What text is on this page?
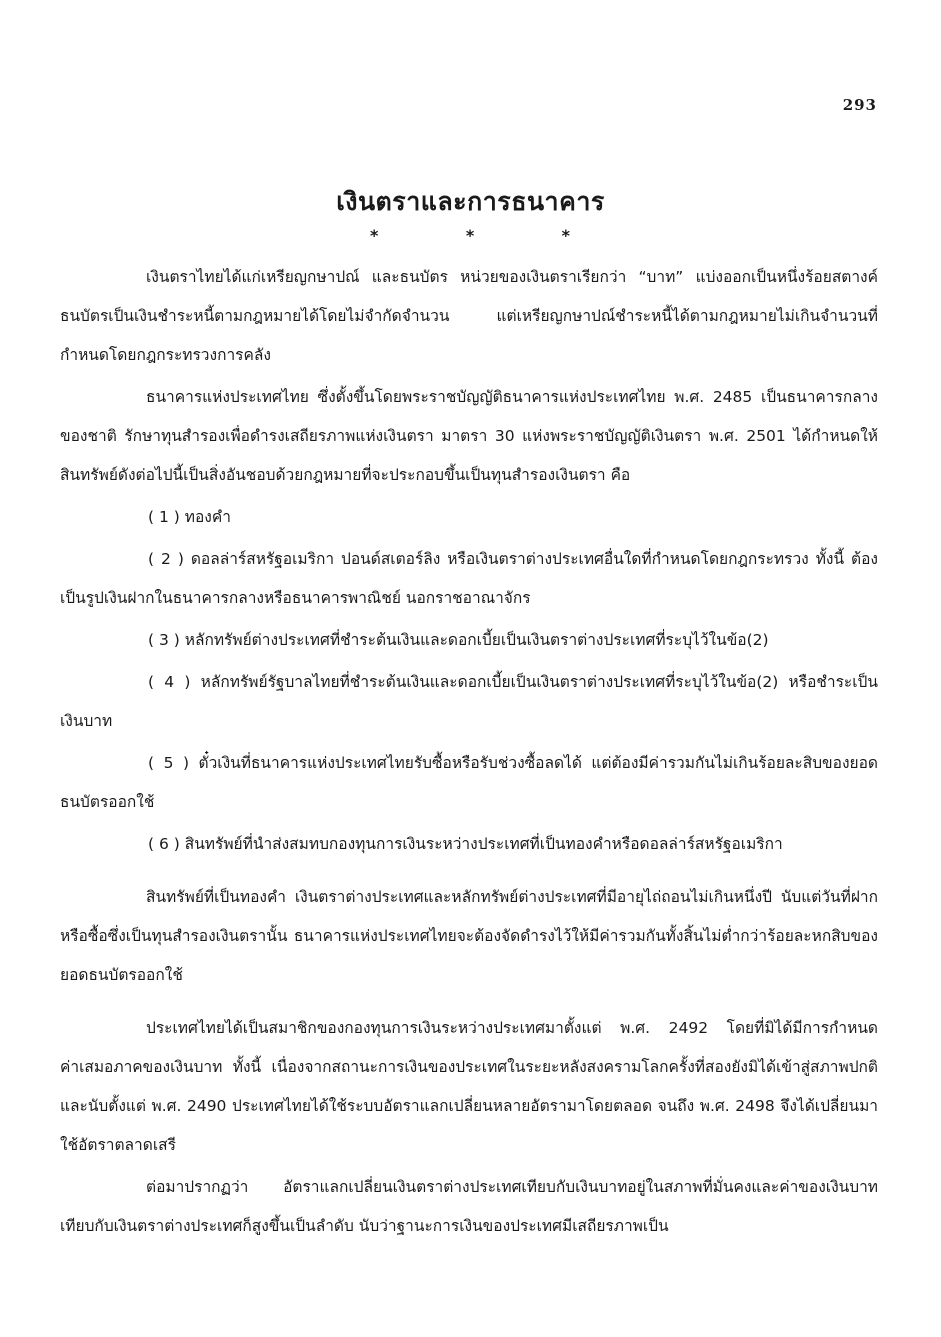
293
เงินตราและการธนาคาร
*	*	*

เงินตราไทยได้แก่เหรียญกษาปณ์ และธนบัตร หน่วยของเงินตราเรียกว่า “บาท” แบ่งออกเป็นหนึ่งร้อยสตางค์ ธนบัตรเป็นเงินชำระหนี้ตามกฎหมายได้โดยไม่จำกัดจำนวน แต่เหรียญกษาปณ์ชำระหนี้ได้ตามกฎหมายไม่เกินจำนวนที่กำหนดโดยกฎกระทรวงการคลัง

ธนาคารแห่งประเทศไทย ซึ่งตั้งขึ้นโดยพระราชบัญญัติธนาคารแห่งประเทศไทย พ.ศ. 2485 เป็นธนาคารกลางของชาติ รักษาทุนสำรองเพื่อดำรงเสถียรภาพแห่งเงินตรา มาตรา 30 แห่งพระราชบัญญัติเงินตรา พ.ศ. 2501 ได้กำหนดให้สินทรัพย์ดังต่อไปนี้เป็นสิ่งอันชอบด้วยกฎหมายที่จะประกอบขึ้นเป็นทุนสำรองเงินตรา คือ

( 1 ) ทองคำ

( 2 ) ดอลล่าร์สหรัฐอเมริกา ปอนด์สเตอร์ลิง หรือเงินตราต่างประเทศอื่นใดที่กำหนดโดยกฎกระทรวง ทั้งนี้ ต้องเป็นรูปเงินฝากในธนาคารกลางหรือธนาคารพาณิชย์ นอกราชอาณาจักร

( 3 ) หลักทรัพย์ต่างประเทศที่ชำระต้นเงินและดอกเบี้ยเป็นเงินตราต่างประเทศที่ระบุไว้ในข้อ(2)

( 4 ) หลักทรัพย์รัฐบาลไทยที่ชำระต้นเงินและดอกเบี้ยเป็นเงินตราต่างประเทศที่ระบุไว้ในข้อ(2) หรือชำระเป็นเงินบาท

( 5 ) ตั๋วเงินที่ธนาคารแห่งประเทศไทยรับซื้อหรือรับช่วงซื้อลดได้ แต่ต้องมีค่ารวมกันไม่เกินร้อยละสิบของยอดธนบัตรออกใช้

( 6 ) สินทรัพย์ที่นำส่งสมทบกองทุนการเงินระหว่างประเทศที่เป็นทองคำหรือดอลล่าร์สหรัฐอเมริกา

สินทรัพย์ที่เป็นทองคำ เงินตราต่างประเทศและหลักทรัพย์ต่างประเทศที่มีอายุไถ่ถอนไม่เกินหนึ่งปี นับแต่วันที่ฝากหรือซื้อซึ่งเป็นทุนสำรองเงินตรานั้น ธนาคารแห่งประเทศไทยจะต้องจัดดำรงไว้ให้มีค่ารวมกันทั้งสิ้นไม่ต่ำกว่าร้อยละหกสิบของยอดธนบัตรออกใช้

ประเทศไทยได้เป็นสมาชิกของกองทุนการเงินระหว่างประเทศมาตั้งแต่ พ.ศ. 2492 โดยที่มิได้มีการกำหนดค่าเสมอภาคของเงินบาท ทั้งนี้ เนื่องจากสถานะการเงินของประเทศในระยะหลังสงครามโลกครั้งที่สองยังมิได้เข้าสู่สภาพปกติ และนับตั้งแต่ พ.ศ. 2490 ประเทศไทยได้ใช้ระบบอัตราแลกเปลี่ยนหลายอัตรามาโดยตลอด จนถึง พ.ศ. 2498 จึงได้เปลี่ยนมาใช้อัตราตลาดเสรี

ต่อมาปรากฏว่า อัตราแลกเปลี่ยนเงินตราต่างประเทศเทียบกับเงินบาทอยู่ในสภาพที่มั่นคงและค่าของเงินบาทเทียบกับเงินตราต่างประเทศก็สูงขึ้นเป็นลำดับ นับว่าฐานะการเงินของประเทศมีเสถียรภาพเป็น
